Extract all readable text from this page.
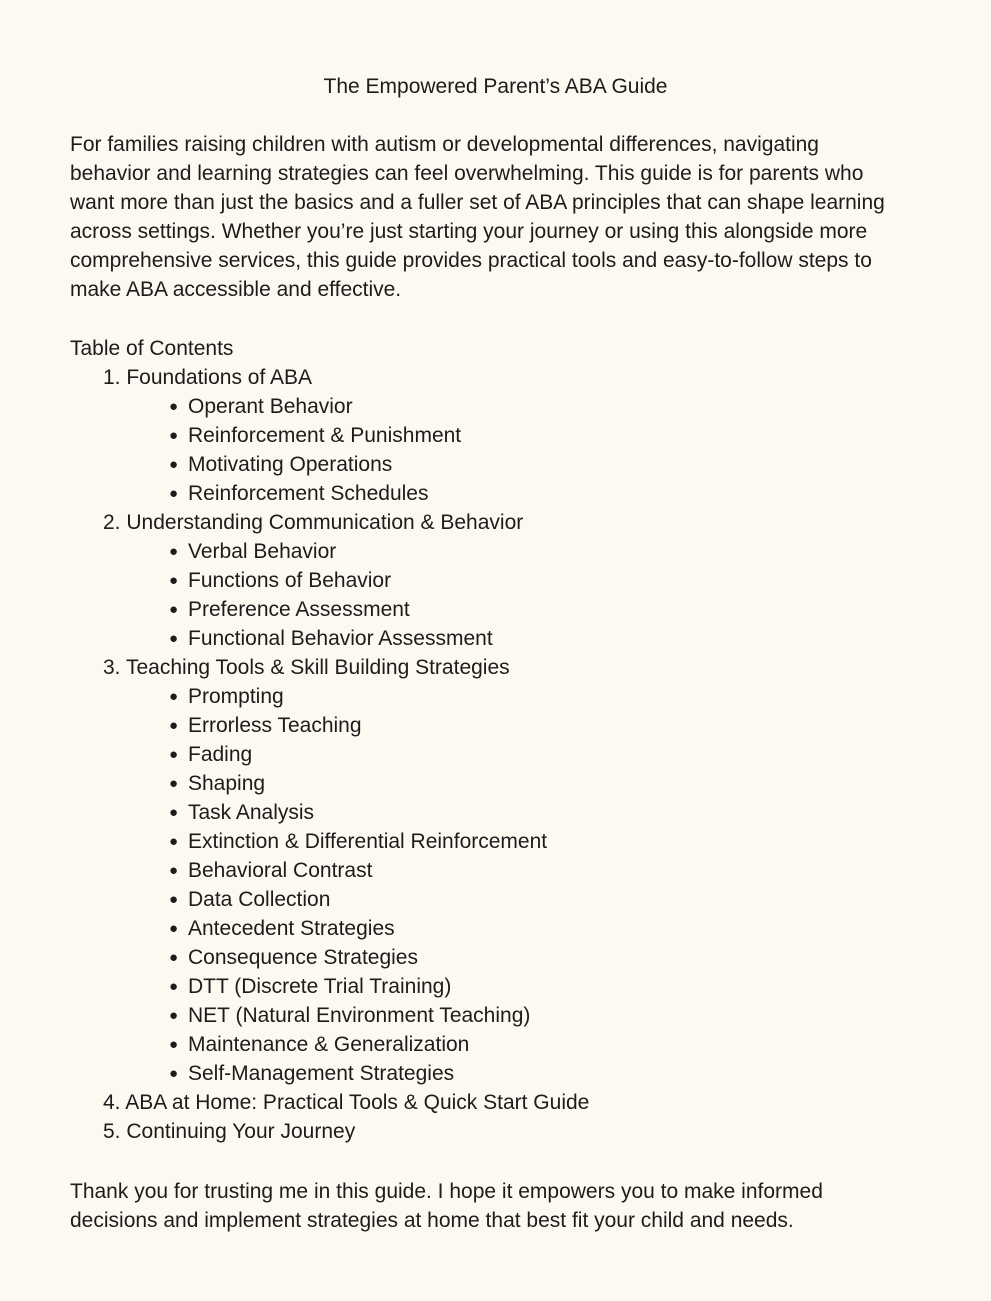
The Empowered Parent’s ABA Guide
For families raising children with autism or developmental differences, navigating
behavior and learning strategies can feel overwhelming. This guide is for parents who
want more than just the basics and a fuller set of ABA principles that can shape learning
across settings. Whether you’re just starting your journey or using this alongside more
comprehensive services, this guide provides practical tools and easy-to-follow steps to
make ABA accessible and effective.
Table of Contents
1. Foundations of ABA
● Operant Behavior
● Reinforcement & Punishment
● Motivating Operations
● Reinforcement Schedules
2. Understanding Communication & Behavior
● Verbal Behavior
● Functions of Behavior
● Preference Assessment
● Functional Behavior Assessment
3. Teaching Tools & Skill Building Strategies
● Prompting
● Errorless Teaching
● Fading
● Shaping
● Task Analysis
● Extinction & Differential Reinforcement
● Behavioral Contrast
● Data Collection
● Antecedent Strategies
● Consequence Strategies
● DTT (Discrete Trial Training)
● NET (Natural Environment Teaching)
● Maintenance & Generalization
● Self-Management Strategies
4. ABA at Home: Practical Tools & Quick Start Guide
5. Continuing Your Journey
Thank you for trusting me in this guide. I hope it empowers you to make informed
decisions and implement strategies at home that best fit your child and needs.
